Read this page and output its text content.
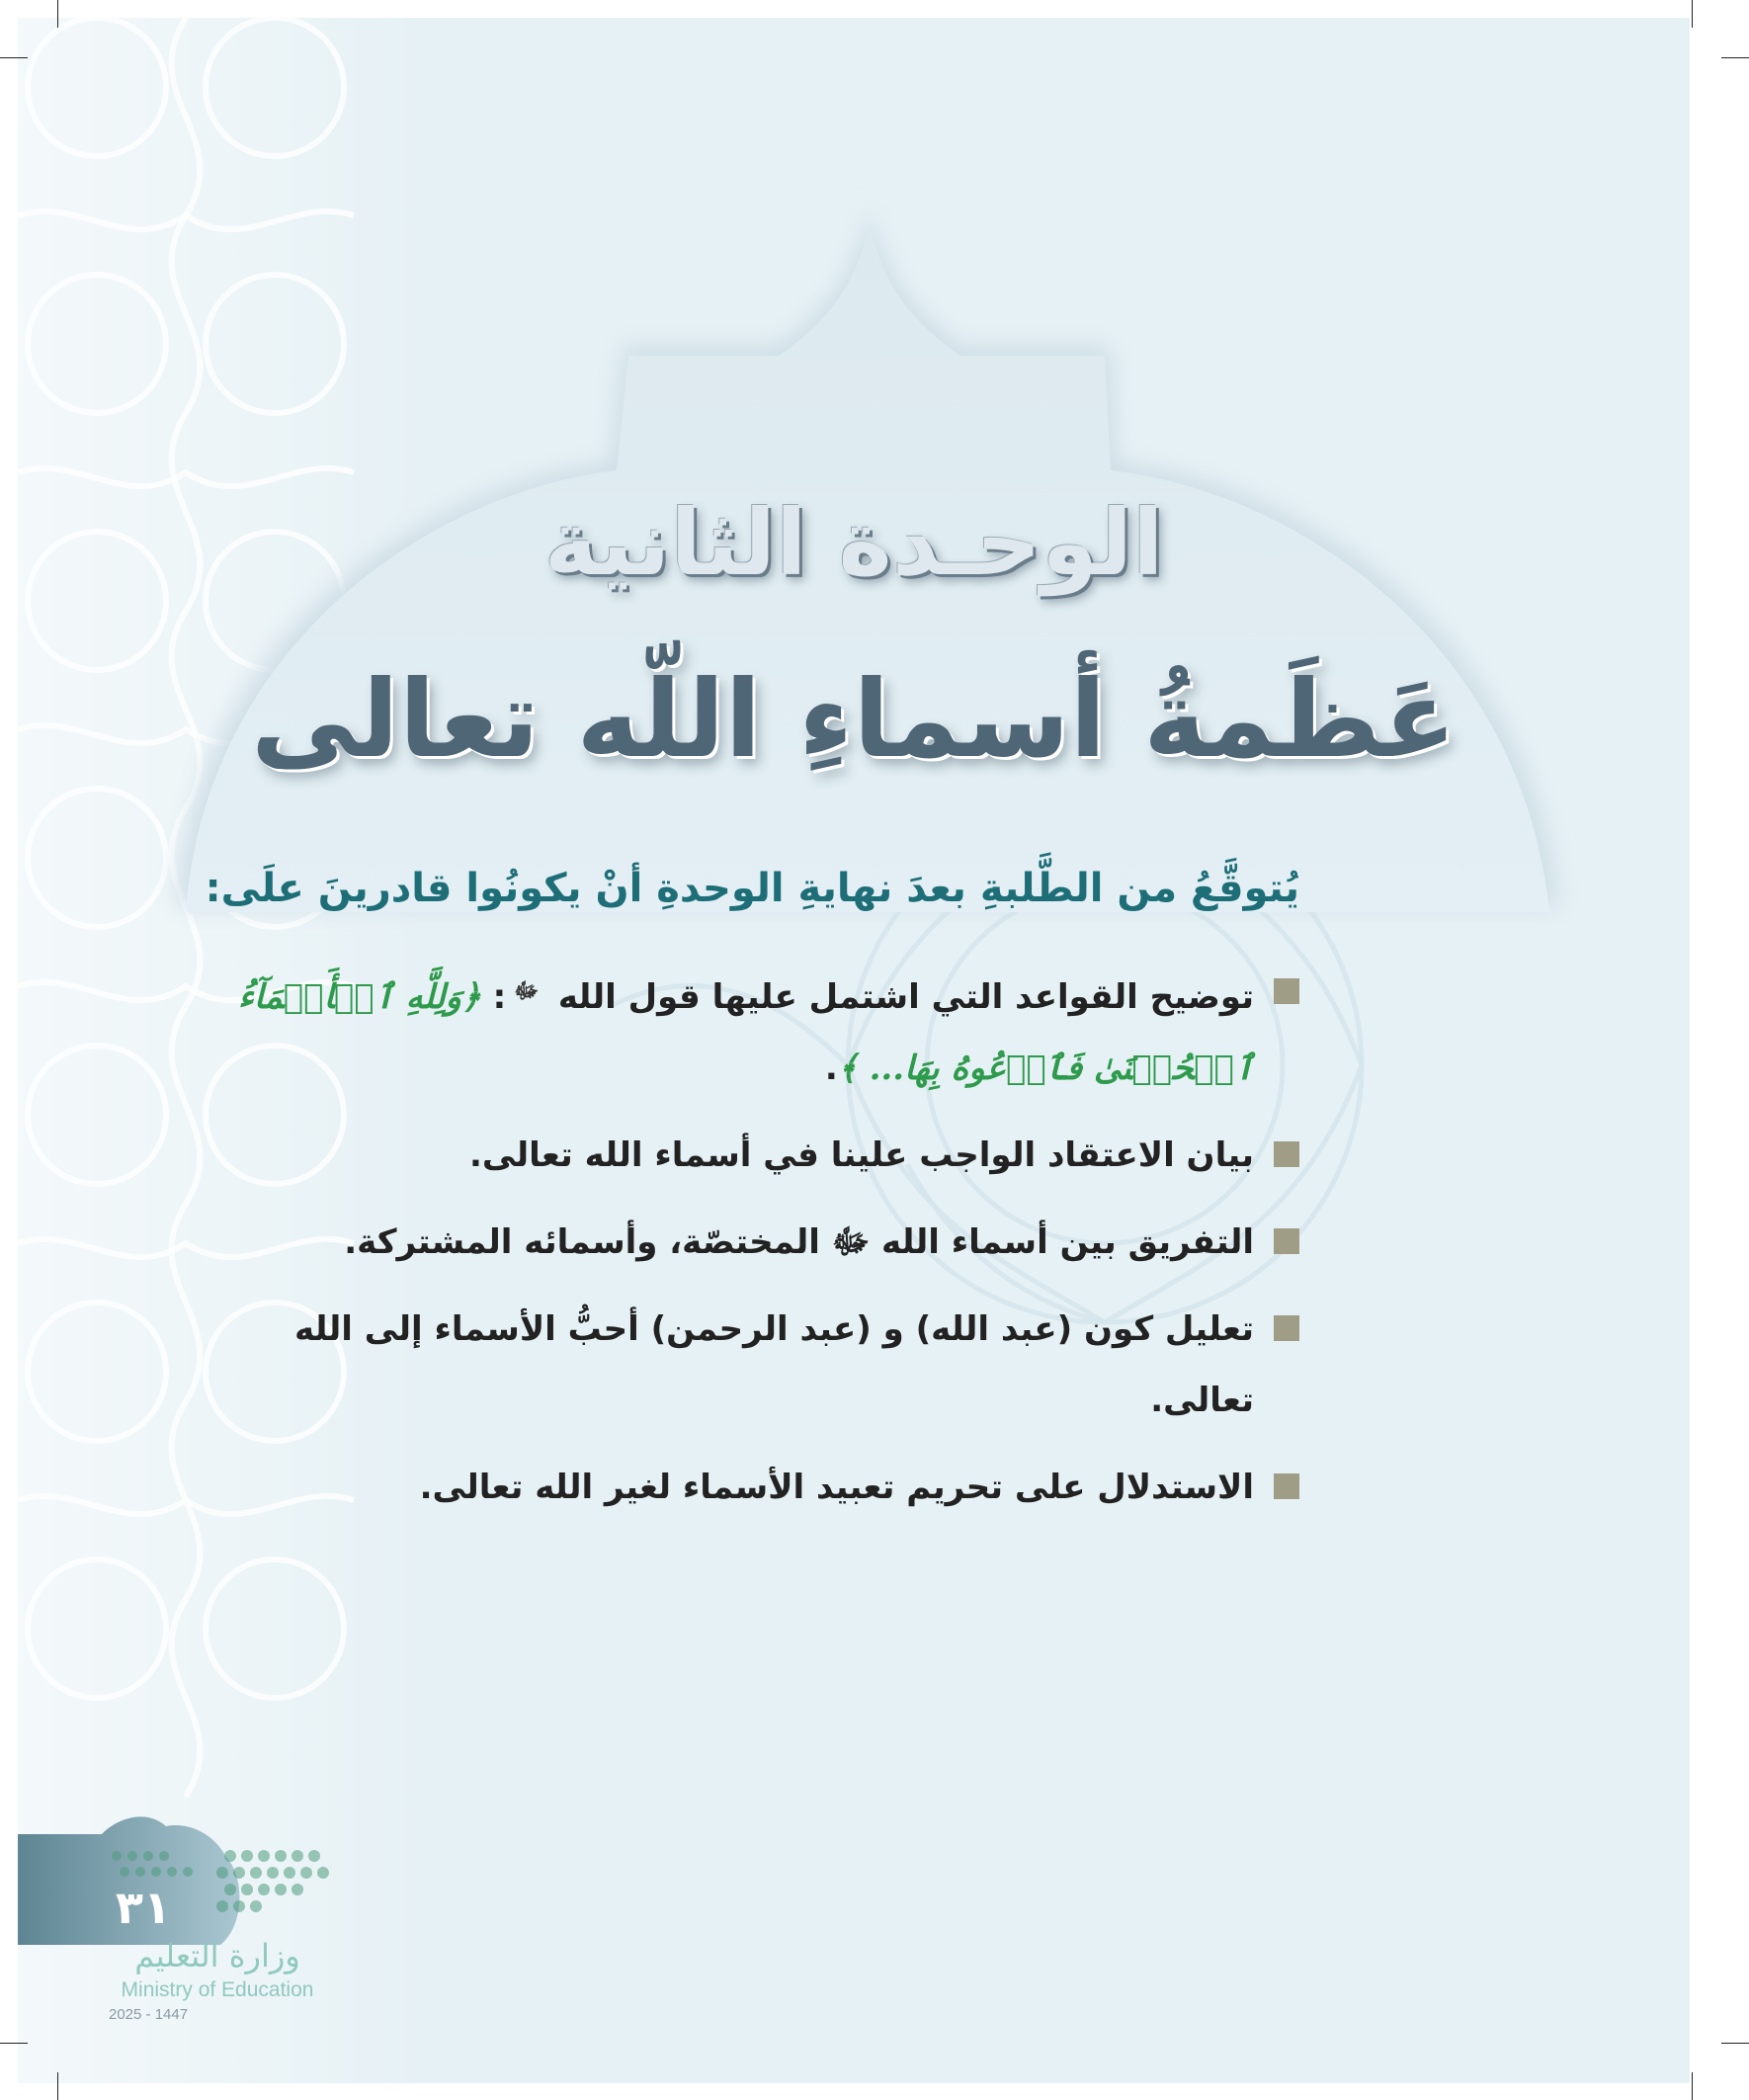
الوحـدة الثانية
عَظَمةُ أسماءِ اللّه تعالى
يُتوقَّعُ من الطَّلبةِ بعدَ نهايةِ الوحدةِ أنْ يكونُوا قادرينَ علَى:
توضيح القواعد التي اشتمل عليها قول الله $^ﷻ$: ﴿وَلِلَّهِ ٱلۡأَسۡمَآءُ ٱلۡحُسۡنَىٰ فَٱدۡعُوهُ بِهَا... ﴾.
بيان الاعتقاد الواجب علينا في أسماء الله تعالى.
التفريق بين أسماء الله ﷻ المختصّة، وأسمائه المشتركة.
تعليل كون (عبد الله) و (عبد الرحمن) أحبُّ الأسماء إلى الله تعالى.
الاستدلال على تحريم تعبيد الأسماء لغير الله تعالى.
٣١
وزارة التعليم
Ministry of Education
2025 - 1447
